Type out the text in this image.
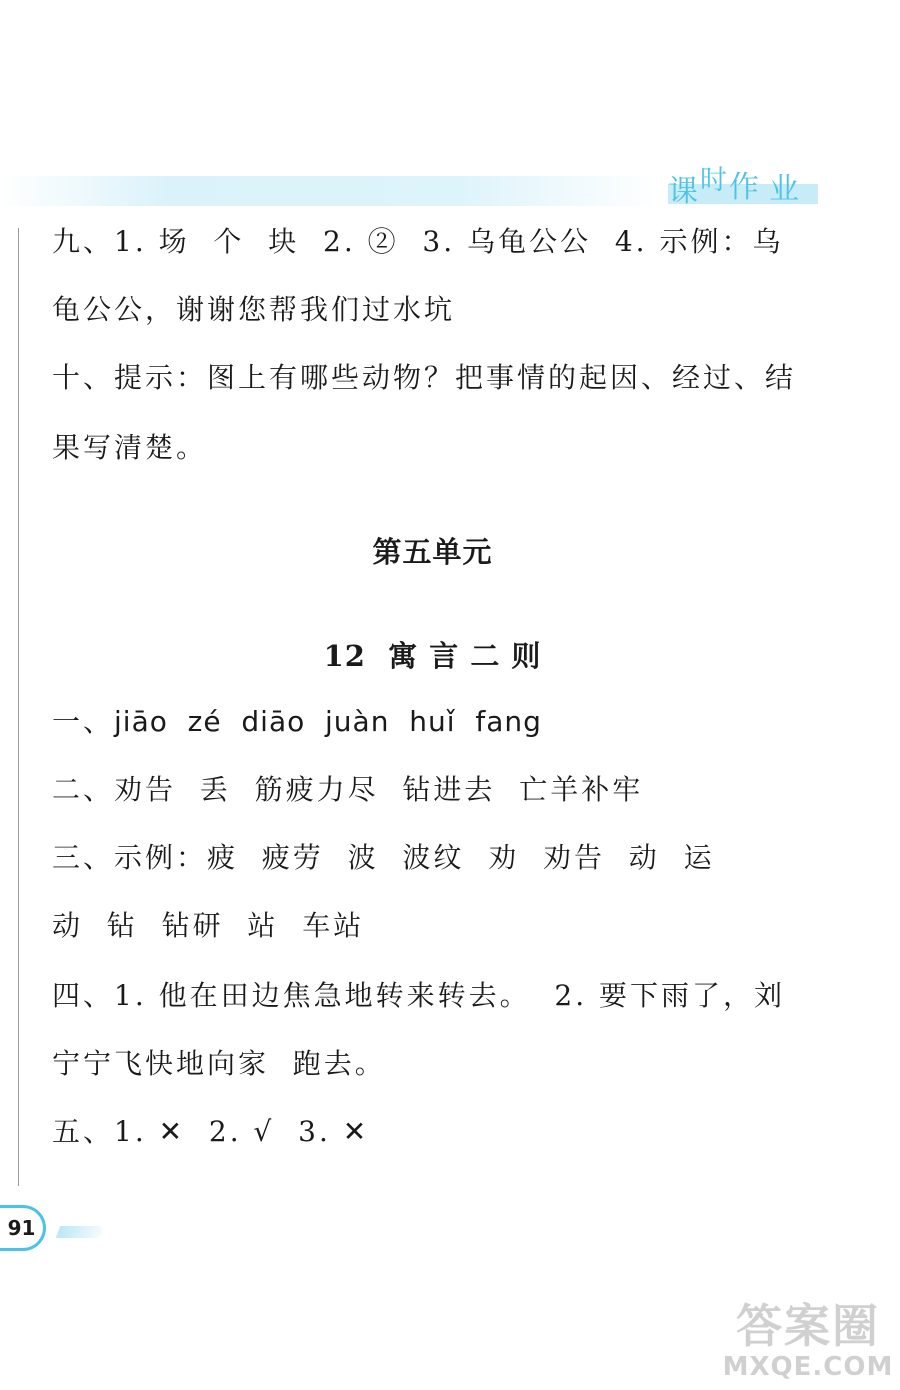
课时作 业
九、1. 场  个  块  2. ②  3. 乌龟公公  4. 示例：乌
龟公公，谢谢您帮我们过水坑
十、提示：图上有哪些动物？把事情的起因、经过、结
果写清楚。
第五单元
12  寓 言 二 则
一、jiāo  zé  diāo  juàn  huǐ  fang
二、劝告  丢  筋疲力尽  钻进去  亡羊补牢
三、示例：疲  疲劳  波  波纹  劝  劝告  动  运
动  钻  钻研  站  车站
四、1. 他在田边焦急地转来转去。  2. 要下雨了，刘
宁宁飞快地向家  跑去。
五、1. ✕  2. √  3. ✕
91
答案圈
MXQE.COM
